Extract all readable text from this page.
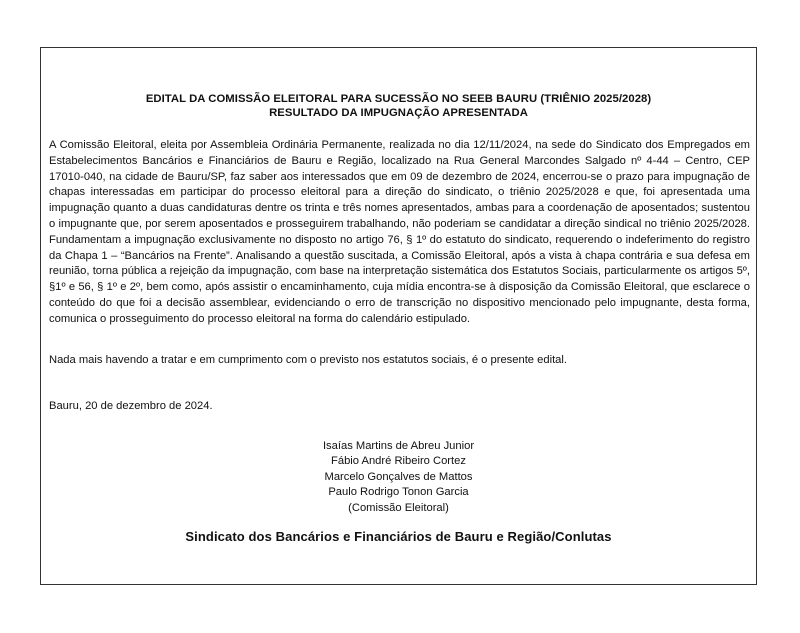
EDITAL DA COMISSÃO ELEITORAL PARA SUCESSÃO NO SEEB BAURU (TRIÊNIO 2025/2028)
RESULTADO DA IMPUGNAÇÃO APRESENTADA

A Comissão Eleitoral, eleita por Assembleia Ordinária Permanente, realizada no dia 12/11/2024, na sede do Sindicato dos Empregados em Estabelecimentos Bancários e Financiários de Bauru e Região, localizado na Rua General Marcondes Salgado nº 4-44 – Centro, CEP 17010-040, na cidade de Bauru/SP, faz saber aos interessados que em 09 de dezembro de 2024, encerrou-se o prazo para impugnação de chapas interessadas em participar do processo eleitoral para a direção do sindicato, o triênio 2025/2028 e que, foi apresentada uma impugnação quanto a duas candidaturas dentre os trinta e três nomes apresentados, ambas para a coordenação de aposentados; sustentou o impugnante que, por serem aposentados e prosseguirem trabalhando, não poderiam se candidatar a direção sindical no triênio 2025/2028. Fundamentam a impugnação exclusivamente no disposto no artigo 76, § 1º do estatuto do sindicato, requerendo o indeferimento do registro da Chapa 1 – “Bancários na Frente”. Analisando a questão suscitada, a Comissão Eleitoral, após a vista à chapa contrária e sua defesa em reunião, torna pública a rejeição da impugnação, com base na interpretação sistemática dos Estatutos Sociais, particularmente os artigos 5º, §1º e 56, § 1º e 2º, bem como, após assistir o encaminhamento, cuja mídia encontra-se à disposição da Comissão Eleitoral, que esclarece o conteúdo do que foi a decisão assemblear, evidenciando o erro de transcrição no dispositivo mencionado pelo impugnante, desta forma, comunica o prosseguimento do processo eleitoral na forma do calendário estipulado.

Nada mais havendo a tratar e em cumprimento com o previsto nos estatutos sociais, é o presente edital.
Bauru, 20 de dezembro de 2024.
Isaías Martins de Abreu Junior
Fábio André Ribeiro Cortez
Marcelo Gonçalves de Mattos
Paulo Rodrigo Tonon Garcia
(Comissão Eleitoral)
Sindicato dos Bancários e Financiários de Bauru e Região/Conlutas
